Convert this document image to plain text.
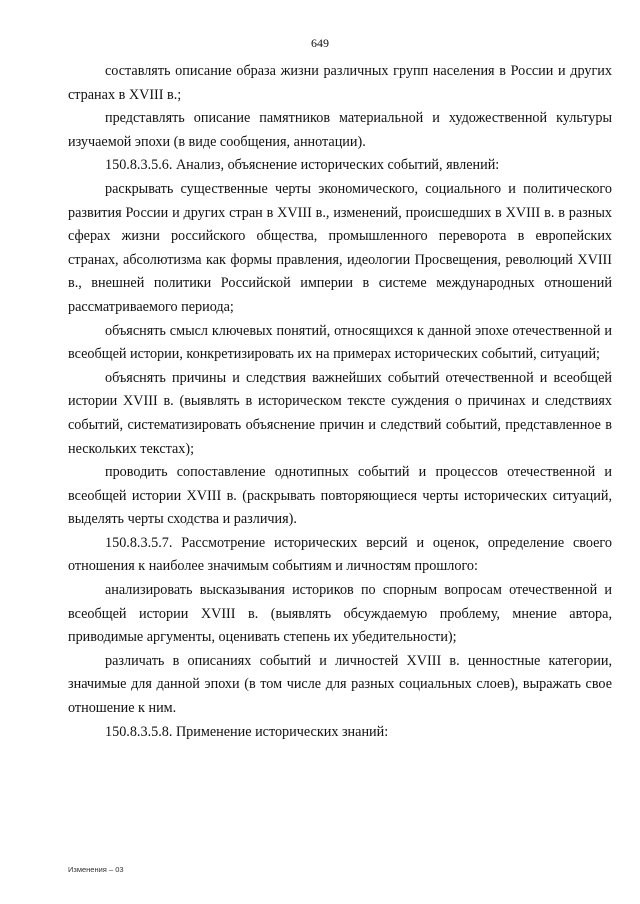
649

составлять описание образа жизни различных групп населения в России и других странах в XVIII в.;

представлять описание памятников материальной и художественной культуры изучаемой эпохи (в виде сообщения, аннотации).

150.8.3.5.6. Анализ, объяснение исторических событий, явлений:

раскрывать существенные черты экономического, социального и политического развития России и других стран в XVIII в., изменений, происшедших в XVIII в. в разных сферах жизни российского общества, промышленного переворота в европейских странах, абсолютизма как формы правления, идеологии Просвещения, революций XVIII в., внешней политики Российской империи в системе международных отношений рассматриваемого периода;

объяснять смысл ключевых понятий, относящихся к данной эпохе отечественной и всеобщей истории, конкретизировать их на примерах исторических событий, ситуаций;

объяснять причины и следствия важнейших событий отечественной и всеобщей истории XVIII в. (выявлять в историческом тексте суждения о причинах и следствиях событий, систематизировать объяснение причин и следствий событий, представленное в нескольких текстах);

проводить сопоставление однотипных событий и процессов отечественной и всеобщей истории XVIII в. (раскрывать повторяющиеся черты исторических ситуаций, выделять черты сходства и различия).

150.8.3.5.7. Рассмотрение исторических версий и оценок, определение своего отношения к наиболее значимым событиям и личностям прошлого:

анализировать высказывания историков по спорным вопросам отечественной и всеобщей истории XVIII в. (выявлять обсуждаемую проблему, мнение автора, приводимые аргументы, оценивать степень их убедительности);

различать в описаниях событий и личностей XVIII в. ценностные категории, значимые для данной эпохи (в том числе для разных социальных слоев), выражать свое отношение к ним.

150.8.3.5.8. Применение исторических знаний:

Изменения – 03
